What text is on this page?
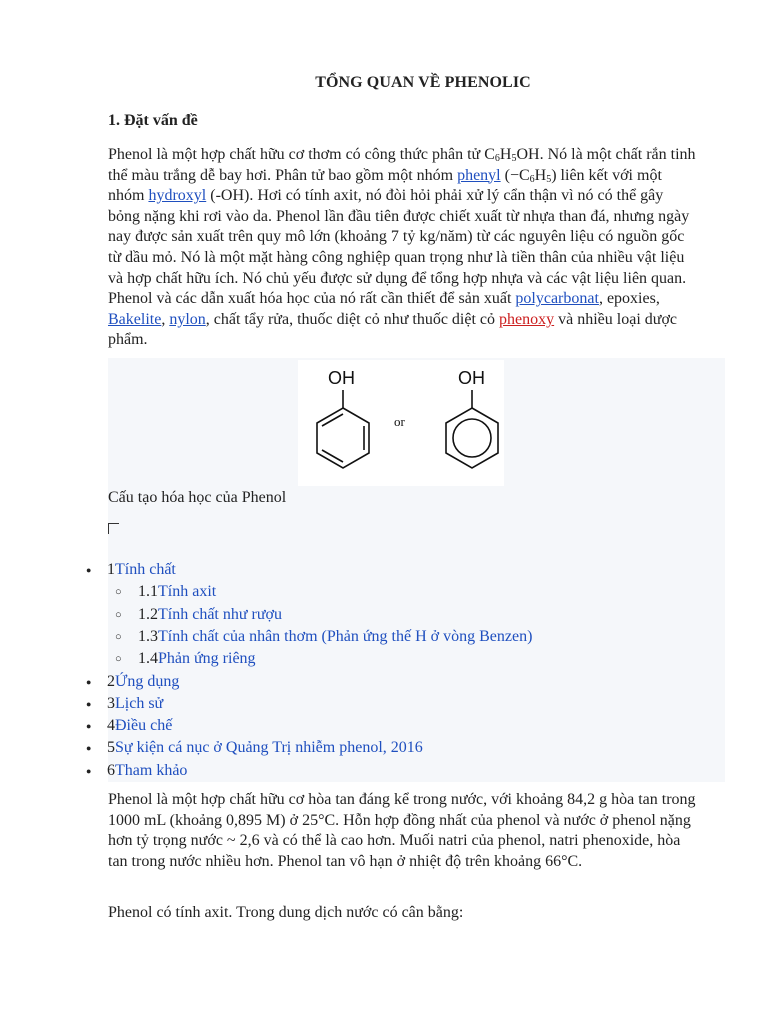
TỔNG QUAN VỀ PHENOLIC
1. Đặt vấn đề
Phenol là một hợp chất hữu cơ thơm có công thức phân tử $C_6H_5OH$. Nó là một chất rắn tinh thể màu trắng dễ bay hơi. Phân tử bao gồm một nhóm phenyl $(-C_6H_5)$ liên kết với một nhóm hydroxyl (-OH). Hơi có tính axit, nó đòi hỏi phải xử lý cẩn thận vì nó có thể gây bỏng nặng khi rơi vào da. Phenol lần đầu tiên được chiết xuất từ nhựa than đá, nhưng ngày nay được sản xuất trên quy mô lớn (khoảng 7 tỷ kg/năm) từ các nguyên liệu có nguồn gốc từ dầu mỏ. Nó là một mặt hàng công nghiệp quan trọng như là tiền thân của nhiều vật liệu và hợp chất hữu ích. Nó chủ yếu được sử dụng để tổng hợp nhựa và các vật liệu liên quan. Phenol và các dẫn xuất hóa học của nó rất cần thiết để sản xuất polycarbonat, epoxies, Bakelite, nylon, chất tẩy rửa, thuốc diệt cỏ như thuốc diệt cỏ phenoxy và nhiều loại dược phẩm.
OH
or
OH
Cấu tạo hóa học của Phenol
● 1Tính chất
○ 1.1Tính axit
○ 1.2Tính chất như rượu
○ 1.3Tính chất của nhân thơm (Phản ứng thế H ở vòng Benzen)
○ 1.4Phản ứng riêng
● 2Ứng dụng
● 3Lịch sử
● 4Điều chế
● 5Sự kiện cá nục ở Quảng Trị nhiễm phenol, 2016
● 6Tham khảo
Phenol là một hợp chất hữu cơ hòa tan đáng kể trong nước, với khoảng 84,2 g hòa tan trong 1000 mL (khoảng 0,895 M) ở 25°C. Hỗn hợp đồng nhất của phenol và nước ở phenol nặng hơn tỷ trọng nước ~ 2,6 và có thể là cao hơn. Muối natri của phenol, natri phenoxide, hòa tan trong nước nhiều hơn. Phenol tan vô hạn ở nhiệt độ trên khoảng 66°C.
Phenol có tính axit. Trong dung dịch nước có cân bằng:
